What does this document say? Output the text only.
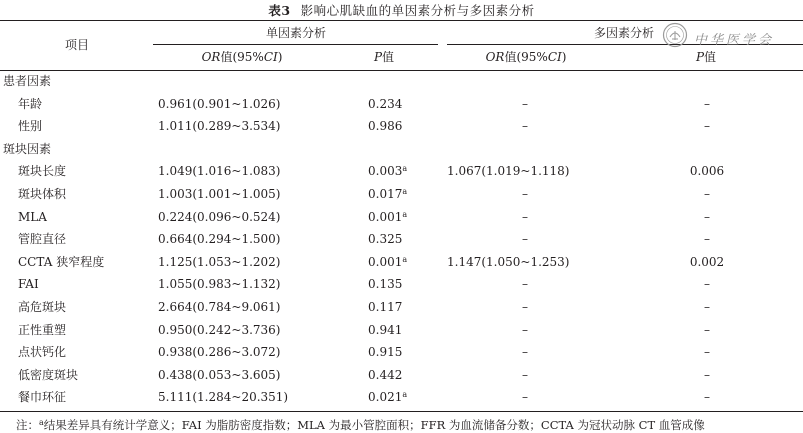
表3 影响心肌缺血的单因素分析与多因素分析
项目
单因素分析	多因素分析
OR值(95%CI)	P值	OR值(95%CI)	P值
患者因素
年龄	0.961(0.901~1.026)	0.234	–	–
性别	1.011(0.289~3.534)	0.986	–	–
斑块因素
斑块长度	1.049(1.016~1.083)	0.003$^a$	1.067(1.019~1.118)	0.006
斑块体积	1.003(1.001~1.005)	0.017$^a$	–	–
MLA	0.224(0.096~0.524)	0.001$^a$	–	–
管腔直径	0.664(0.294~1.500)	0.325	–	–
CCTA 狭窄程度	1.125(1.053~1.202)	0.001$^a$	1.147(1.050~1.253)	0.002
FAI	1.055(0.983~1.132)	0.135	–	–
高危斑块	2.664(0.784~9.061)	0.117	–	–
正性重塑	0.950(0.242~3.736)	0.941	–	–
点状钙化	0.938(0.286~3.072)	0.915	–	–
低密度斑块	0.438(0.053~3.605)	0.442	–	–
餐巾环征	5.111(1.284~20.351)	0.021$^a$	–	–
注：$^a$结果差异具有统计学意义；FAI 为脂肪密度指数；MLA 为最小管腔面积；FFR 为血流储备分数；CCTA 为冠状动脉 CT 血管成像
中华医学会
